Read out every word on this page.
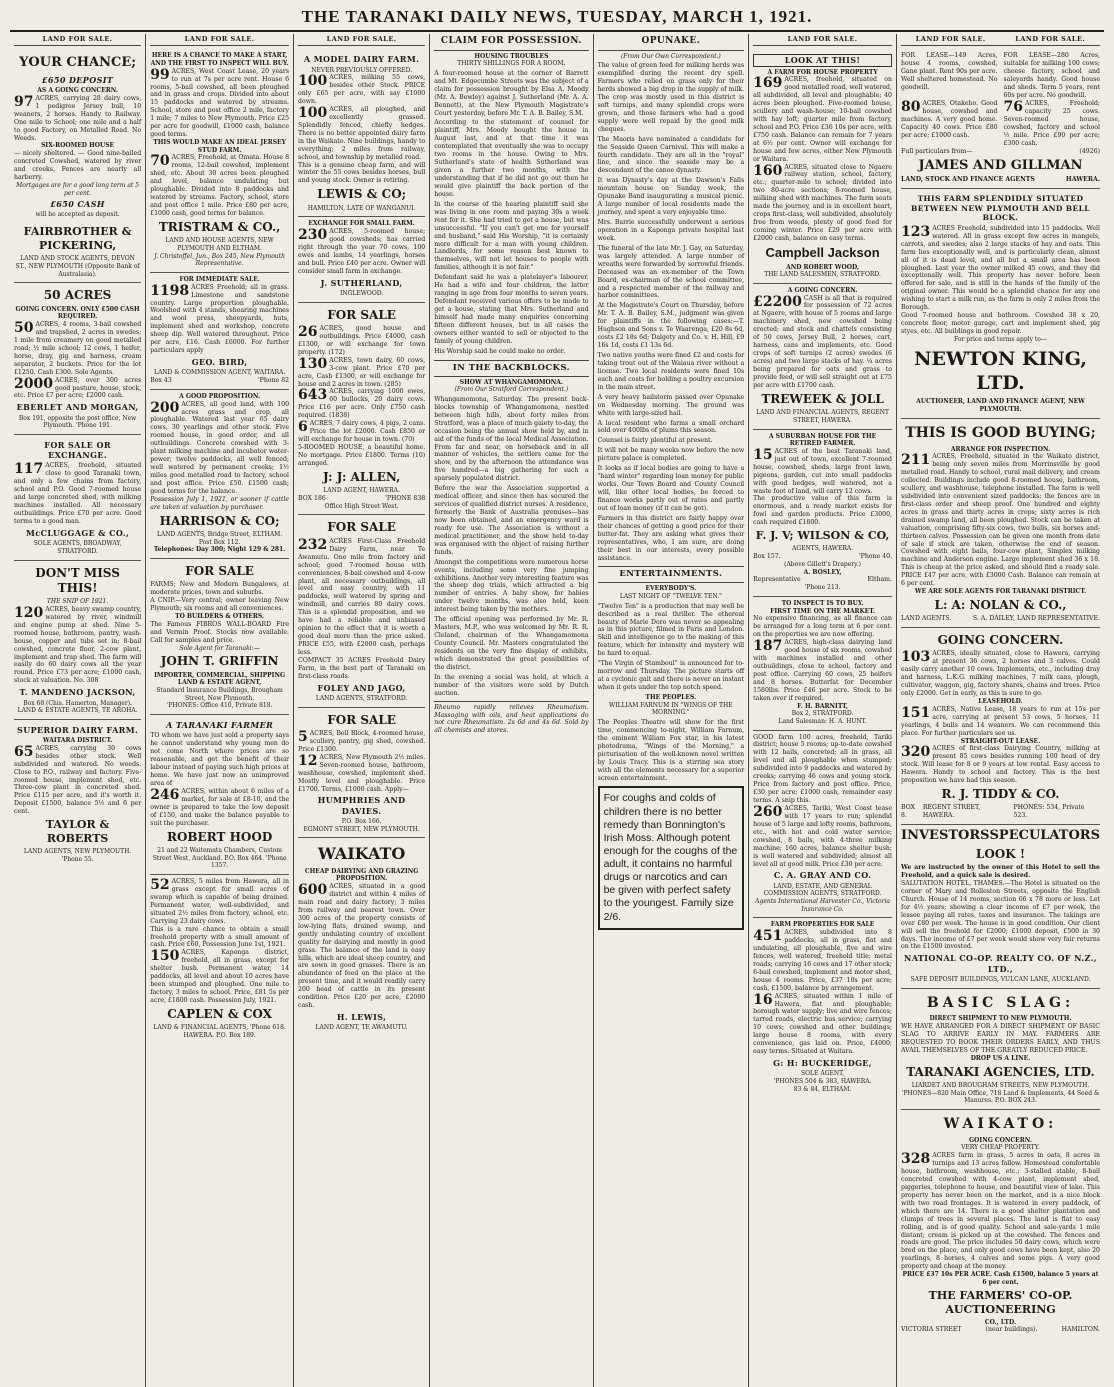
THE TARANAKI DAILY NEWS, TUESDAY, MARCH 1, 1921.
LAND FOR SALE.
YOUR CHANCE;
£650 DEPOSIT
AS A GOING CONCERN.
97 ACRES, carrying 28 dairy cows, 1 pedigree Jersey bull, 10 weaners, 2 horses. Handy to Railway. One mile to School; one mile and a half to good Factory, on Metalled Road. No Weeds.
SIX-ROOMED HOUSE
— nicely sheltered. — Good nine-bailed concreted Cowshed, watered by river and creeks. Fences are nearly all harberry.
Mortgages are for a good long term at 5 per cent.
£650 CASH
will be accepted as deposit.
FAIRBROTHER & PICKERING,
LAND AND STOCK AGENTS, DEVON ST., NEW PLYMOUTH (Opposite Bank of Australasia).
50 ACRES
GOING CONCERN. ONLY £500 CASH REQUIRED.
50 ACRES, 4 rooms, 3-bail cowshed and trapshed, 2 acres in swedes; 1 mile from creamery on good metalled road; ½ mile school; 12 cows, 1 heifer, horse, dray, gig and harness, cream separator, 2 buckets. Price for the lot £1250. Cash £300. Sole Agents.
2000 ACRES, over 300 acres good pasture, house, stock, etc. Price £7 per acre; £2000 cash.
EBERLET AND MORGAN,
Box 191, opposite the post office, New Plymouth. 'Phone 191.
FOR SALE OR EXCHANGE.
117 ACRES, freehold, situated close to good Taranaki town, and only a few chains from factory, school and P.O. Good 7-roomed house and large concreted shed, with milking machines installed. All necessary outbuildings. Price £70 per acre. Good terms to a good man.
McCLUGGAGE & CO.,
SOLE AGENTS, BROADWAY, STRATFORD.
DON'T MISS THIS!
THE SNIP OF 1921.
120 ACRES, heavy swamp country, watered by river, windmill and engine pump at shed. Nine 5-roomed house, bathroom, pantry, wash-house, copper and tubs set in; 8-bail cowshed, concrete floor, 2-cow plant, implement and trap shed. The farm will easily do 60 dairy cows all the year round. Price £73 per acre; £1000 cash, stock at valuation. No. 308
T. MANDENO JACKSON,
Box 68 (Chis. Hamerton, Manager). LAND & ESTATE AGENTS, TE AROHA.
SUPERIOR DAIRY FARM.
WAITARA DISTRICT.
65 ACRES, carrying 30 cows besides other stock. Well subdivided and watered. No weeds. Close to P.O., railway and factory. Five-roomed house, implement shed, etc. Three-cow plant in concreted shed. Price £115 per acre, and it's worth it. Deposit £1500, balance 5½ and 6 per cent.
TAYLOR & ROBERTS
LAND AGENTS, NEW PLYMOUTH. 'Phone 55.
LAND FOR SALE.
HERE IS A CHANCE TO MAKE A START, AND THE FIRST TO INSPECT WILL BUY.
99 ACRES, West Coast Lease, 20 years to run at 7s per acre rent. House 6 rooms, 5-bail cowshed, all been ploughed and in grass and crops. Divided into about 15 paddocks and watered by streams. School, store and post office 2 mile, factory 1 mile; 7 miles to New Plymouth. Price £25 per acre for goodwill, £1000 cash, balance good terms.
THIS WOULD MAKE AN IDEAL JERSEY STUD FARM.
70 ACRES, Freehold, at Omata. House 8 rooms, 12-bail cowshed, implement shed, etc. About 30 acres been ploughed and level, balance undulating but ploughable. Divided into 8 paddocks and watered by streams. Factory, school, store and post office 1 mile. Price £80 per acre, £1000 cash, good terms for balance.
TRISTRAM & CO.,
LAND AND HOUSE AGENTS, NEW PLYMOUTH AND ELTHAM.
J. Christoffel, Jun., Box 245, New Plymouth Representative.
FOR IMMEDIATE SALE.
1198 ACRES Freehold; all in grass. Limestone and sandstone country. Large proportion ploughable. Woolshed with 4 stands, shearing machines and wool press, sheepyards, huts, implement shed and workshop, concrete sheep dip. Well watered throughout. Price per acre, £16. Cash £6000. For further particulars apply
GEO. BIRD,
LAND & COMMISSION AGENT, WAITARA.
Box 43	'Phone 82
A GOOD PROPOSITION.
200 ACRES, all good land, with 100 acres grass and crop, all ploughable. Watered last year 65 dairy cows, 30 yearlings and other stock. Five roomed house, in good order, and all outbuildings. Concrete cowshed with 3-plant milking machine and incubator water-power; twelve paddocks, all well fenced; well watered by permanent creeks; 1½ miles good metalled road to factory, school and post office. Price £50. £1500 cash; good terms for the balance.
Possession July 1, 1921, or sooner if cattle are taken at valuation by purchaser.
HARRISON & CO;
LAND AGENTS, Bridge Street, ELTHAM. Post Box 112.
Telephones: Day 300; Night 129 & 281.
FOR SALE
FARMS; New and Modern Bungalows, at moderate prices, town and suburbs.
A CNIP.—Very central; owner leaving New Plymouth; six rooms and all conveniences.
TO BUILDERS & OTHERS.
The Famous FIBROS WALL-BOARD Fire and Vermin Proof. Stocks now available. Call for samples and price.
Sole Agent for Taranaki:—
JOHN T. GRIFFIN
IMPORTER, COMMERCIAL, SHIPPING LAND & ESTATE AGENT,
Standard Insurance Buildings, Brougham Street, New Plymouth.
'PHONES: Office 410, Private 818.
A TARANAKI FARMER
TO whom we have just sold a property says he cannot understand why young men do not come North where prices are so reasonable, and get the benefit of their labour instead of paying such high prices at home. We have just now an unimproved area of
246 ACRES, within about 6 miles of a market, for sale at £8-10, and the owner is prepared to take the low deposit of £150, and make the balance payable to suit the purchaser.
ROBERT HOOD
21 and 22 Waitemata Chambers, Custom Street West, Auckland. P.O. Box 464. 'Phone 1357.
52 ACRES, 5 miles from Hawera, all in grass except for small acres of swamp which is capable of being drained. Permanent water, well-subdivided, and situated 2½ miles from factory, school, etc. Carrying 23 dairy cows.
This is a rare chance to obtain a small freehold property with a small amount of cash. Price £60, Possession June 1st, 1921.
150 ACRES, Kaponga district, freehold, all in grass, except for shelter bush. Permanent water, 14 paddocks, all level and about 10 acres have been stumped and ploughed. One mile to factory, 3 miles to school. Price, £81 5s per acre, £1800 cash. Possession July, 1921.
CAPLEN & COX
LAND & FINANCIAL AGENTS, 'Phone 618. HAWERA. P.O. Box 189.
LAND FOR SALE.
A MODEL DAIRY FARM.
NEVER PREVIOUSLY OFFERED.
100 ACRES, milking 55 cows, besides other Stock. PRICE only £65 per acre, with say £1000 down.
100 ACRES, all ploughed, and excellently grassed. Splendidly fenced, chiefly hedges. There is no better appointed dairy farm in the Waikato. Nine buildings, handy to everything; 2 miles from railway, school, and township by metalled road.
This is a genuine cheap farm, and will winter the 55 cows besides horses, bull and young stock. Owner is retiring.
LEWIS & CO;
HAMILTON, LATE OF WANGANUI.
EXCHANGE FOR SMALL FARM.
230 ACRES, 5-roomed house; good cowsheds; has carried right through the year 70 cows, 100 ewes and lambs, 14 yearlings, horses and bull. Price £40 per acre. Owner will consider small farm in exchange.
J. SUTHERLAND,
INGLEWOOD.
FOR SALE
26 ACRES, good house and outbuildings. Price £4000, cash £1300, or will exchange for town property. (172)
130 ACRES, town dairy, 60 cows, 3-cow plant. Price £70 per acre, Cash £1300, or will exchange for house and 2 acres in town. (285)
643 ACRES, carrying 1000 ewes, 60 bullocks, 20 dairy cows. Price £16 per acre. Only £750 cash required. (1838)
6 ACRES, 7 dairy cows, 4 pigs, 2 cans. Price the lot £2000. Cash £850 or will exchange for house in town. (70)
5-ROOMED HOUSE, a beautiful home. No mortgage. Price £1800. Terms (10) arranged.
J: J: ALLEN,
LAND AGENT, HAWERA.
BOX 186	'PHONE 838
Office High Street West.
FOR SALE
232 ACRES First-Class Freehold Dairy Farm, near Te Awamutu. One mile from factory and school; good 7-roomed house with conveniences, 8-bail cowshed and 4-cow plant, all necessary outbuildings, all level and easy country, with 11 paddocks, well watered by spring and windmill, and carries 80 dairy cows. This is a splendid proposition, and we have had a reliable and unbiased opinion to the effect that it is worth a good deal more than the price asked. PRICE £55, with £2000 cash, perhaps less.
COMPACT 35 ACRES Freehold Dairy Farm, in the best part of Taranaki on first-class roads.
FOLEY AND JAGO,
LAND AGENTS, STRATFORD.
FOR SALE
5 ACRES, Bell Block, 4-roomed house, scullery, pantry, gig shed, cowshed. Price £1300.
12 ACRES, New Plymouth 2½ miles. Seven-roomed house, bathroom, washhouse, cowshed, implement shed. Mostly level and ploughable. Price £1700. Terms, £1000 cash. Apply—
HUMPHRIES AND DAVIES.
P.O. Box 166.
EGMONT STREET, NEW PLYMOUTH.
WAIKATO
CHEAP DAIRYING AND GRAZING PROPOSITION.
600 ACRES, situated in a good district and within 4 miles of main road and dairy factory; 3 miles from railway and nearest town. Over 300 acres of the property consists of low-lying flats, drained swamp, and gently undulating country of excellent quality for dairying and mostly in good grass. The balance of the land is easy hills, which are ideal sheep country, and are sown in good grasses. There is an abundance of feed on the place at the present time, and it would readily carry 200 head of cattle in its present condition. Price £20 per acre, £2000 cash.
H. LEWIS,
LAND AGENT, TE AWAMUTU.
CLAIM FOR POSSESSION.
HOUSING TROUBLES
THIRTY SHILLINGS FOR A ROOM.

A four-roomed house at the corner of Barrett and Mt. Edgecumbe Streets was the subject of a claim for possession brought by Elsa A. Moody (Mr. A. Bewley) against J. Sutherland (Mr. A. A. Bennett), at the New Plymouth Magistrate's Court yesterday, before Mr. T. A. B. Bailey, S.M.

According to the statement of counsel for plaintiff, Mrs. Moody bought the house in August last, and at that time it was contemplated that eventually she was to occupy two rooms in the house. Owing to Mrs. Sutherland's state of health Sutherland was given a further two months, with the understanding that if he did not go out then he would give plaintiff the back portion of the house.

In the course of the hearing plaintiff said she was living in one room and paying 30s a week rent for it. She had tried to get a house, but was unsuccessful. "If you can't get one for yourself and husband," said His Worship, "it is certainly more difficult for a man with young children. Landlords, for some reason best known to themselves, will not let houses to people with families, although it is not fair."

Defendant said he was a platelayer's labourer. He had a wife and four children, the latter ranging in age from four months to seven years. Defendant received various offers to be made to get a house, stating that Mrs. Sutherland and himself had made many enquiries concerning fifteen different houses, but in all cases the owners either wanted to sell or objected to the family of young children.

His Worship said he could make no order.

IN THE BACKBLOCKS.
SHOW AT WHANGAMOMONA.
(From Our Stratford Correspondent.)

Whangamomona, Saturday. The present back-blocks township of Whangamomona, nestled between high hills, about forty miles from Stratford, was a place of much gaiety to-day, the occasion being the annual show held by, and in aid of the funds of the local Medical Association. From far and near, on horseback and in all manner of vehicles, the settlers came for the show, and by the afternoon the attendance was five hundred—a big gathering for such a sparsely populated district.

Before the war the Association supported a medical officer, and since then has secured the services of qualified district nurses. A residence, formerly the Bank of Australia premises—has now been obtained, and an emergency ward is ready for use. The Association is without a medical practitioner, and the show held to-day was organised with the object of raising further funds.

Amongst the competitions were numerous horse events, including some very fine jumping exhibitions. Another very interesting feature was the sheep dog trials, which attracted a big number of entries. A baby show, for babies under twelve months, was also held, keen interest being taken by the mothers.

The official opening was performed by Mr. R. Masters, M.P., who was welcomed by Mr. R. R. Cleland, chairman of the Whangamomona County Council. Mr. Masters congratulated the residents on the very fine display of exhibits, which demonstrated the great possibilities of the district.

In the evening a social was held, at which a number of the visitors were sold by Dutch auction.

Rheumo rapidly relieves Rheumatism. Massaging with oils, and heat applications do not cure Rheumatism. 2s 6d and 4s 6d. Sold by all chemists and stores.
OPUNAKE.
(From Our Own Correspondent.)

The value of green feed for milking herds was exemplified during the recent dry spell. Farmers who relied on grass only for their herds showed a big drop in the supply of milk. The crop was mostly used in this district is soft turnips, and many splendid crops were grown, and those farmers who had a good supply were well repaid by the good milk cheques.

The Maoris have nominated a candidate for the Seaside Queen Carnival. This will make a fourth candidate. They are all in the "royal" line, and since the seaside may be a descendant of the canoe dynasty.

It was Dynasty's day at the Dawson's Falls mountain house on Sunday week, the Opunake Band inaugurating a musical picnic. A large number of local residents made the journey, and spent a very enjoyable time.

Mrs. Barrie successfully underwent a serious operation in a Kaponga private hospital last week.

The funeral of the late Mr. J. Gay, on Saturday, was largely attended. A large number of wreaths were forwarded by sorrowful friends. Deceased was an ex-member of the Town Board, ex-chairman of the school committee, and a respected member of the railway and harbor committees.

At the Magistrate's Court on Thursday, before Mr. T. A. B. Bailey, S.M., judgment was given for plaintiffs in the following cases:—T. Hughson and Sons v. Te Waarenga, £20 8s 6d, costs £2 18s 6d; Dalgety and Co. v. H. Hill, £9 16s 1d, costs £1 13s 6d.

Two native youths were fined £2 and costs for taking trout out of the Waiaua river without a license. Two local residents were fined 10s each and costs for holding a poultry excursion in the main street.

A very heavy hailstorm passed over Opunake on Wednesday morning. The ground was white with large-sized hail.

A local resident who farms a small orchard sold over 400lbs of plums this season.

Counsel is fairly plentiful at present.

It will not be many weeks now before the new picture palace is completed.

It looks as if local bodies are going to have a "hard winter" regarding loan money for public works. Our Town Board and County Council will, like other local bodies, be forced to finance works partly out of rates and partly out of loan money (if it can be got).

Farmers in this district are fairly happy over their chances of getting a good price for their butter-fat. They are asking what gives their representatives, who, I am sure, are doing their best in our interests, every possible assistance.

ENTERTAINMENTS.
EVERYBODY'S.
LAST NIGHT OF "TWELVE TEN."

"Twelve Ten" is a production that may well be described as a real thriller. The ethereal beauty of Marie Doro was never so appealing as in this picture, filmed in Paris and London. Skill and intelligence go to the making of this feature, which for intensity and mystery will be hard to equal.

"The Virgin of Stamboul" is announced for to-morrow and Thursday. The picture starts off at a cyclonic gait and there is never an instant when it gets under the top notch speed.

THE PEOPLES.
WILLIAM FARNUM IN "WINGS OF THE MORNING."

The Peoples Theatre will show for the first time, commencing to-night, William Farnum, the eminent William Fox star, in his latest photodrama, "Wings of the Morning," a picturisation of the well-known novel written by Louis Tracy. This is a stirring sea story with all the elements necessary for a superior screen entertainment.

For coughs and colds of children there is no better remedy than Bonnington's Irish Moss. Although potent enough for the coughs of the adult, it contains no harmful drugs or narcotics and can be given with perfect safety to the youngest. Family size 2/6.
LAND FOR SALE.
LOOK AT THIS!
A FARM FOR HOUSE PROPERTY
169 ACRES, freehold, situated on good metalled road, well watered, all subdivided, all level and ploughable; 40 acres been ploughed. Five-roomed house, scullery and wash-house; 10-bail cowshed with hay loft; quarter mile from factory, school and P.O. Price £36 10s per acre, with £750 cash. Balance can remain for 7 years at 6½ per cent. Owner will exchange for house and few acres, either New Plymouth or Waitara.
160 ACRES, situated close to Ngaere railway station, school, factory, etc.; quarter-mile to school; divided into two 80-acre sections; 8-roomed house, milking shed with machines. The farm seats made the journey, and is in excellent heart, crops first-class, well subdivided, absolutely free from weeds, plenty of good feed for coming winter. Price £29 per acre with £2000 cash, balance on easy terms.
Campbell Jackson
AND ROBERT WOOD,
THE LAND SALESMEN, STRATFORD.
A GOING CONCERN.
£2200 CASH is all that is required for possession of 72 acres at Ngaere, with house of 5 rooms and large machinery shed, new cowshed being erected; and stock and chattels consisting of 50 cows, Jersey Bull, 2 horses, cart, harness, cans and implements, etc. Good crops of soft turnips (2 acres) swedes (6 acres) and two large stacks of hay. ¼ acres being prepared for oats and grass to provide feed, or will sell straight out at £75 per acre with £1700 cash.
TREWEEK & JOLL
LAND AND FINANCIAL AGENTS, REGENT STREET, HAWERA.
A SUBURBAN HOUSE FOR THE RETIRED FARMER.
15 ACRES of the best Taranaki land, just out of town, excellent 7-roomed house, cowshed, sheds, large front lawn, pigeons, garden, cut into small paddocks with good hedges, well watered, not a waste foot of land, will carry 12 cows.
The productive value of this farm is enormous, and a ready market exists for fowl and garden products. Price £3000, cash required £1800.
F. J. V; WILSON & CO,
AGENTS, HAWERA.
Box 157.	'Phone 40.
(Above Gillett's Drapery.)
A. BOSLEY,
Representative	Eltham.
'Phone 213.
TO INSPECT IS TO BUY.
FIRST TIME ON THE MARKET.
No expensive financing, as all finance can be arranged for a long term at 6 per cent. on the properties we are now offering.
187 ACRES, high-class dairying land good house of six rooms, cowshed with machines installed and other outbuildings, close to school, factory and post office. Carrying 60 cows, 25 heifers and 8 horses. Butterfat for December 1580lbs. Price £46 per acre. Stock to be taken over if required.
F. H. BARNITT,
Box 2, STRATFORD.
Land Salesman: H. A. HUNT.
GOOD farm 100 acres, freehold, Tariki district; house 5 rooms; up-to-date cowshed with 12 bails, concreted; all in grass, all level and all ploughable when stumped; subdivided into 9 paddocks and watered by creeks; carrying 46 cows and young stock. Price from factory and post office. Price, £30 per acre; £1000 cash, remainder easy terms. A snip this.
260 ACRES, Tariki, West Coast lease with 17 years to run; splendid house of 5 large and lofty rooms, bathroom, etc., with hot and cold water service; cowshed, 8 bails, with 4-three milking machine; 160 acres, balance shelter bush; is well watered and subdivided; almost all level all at good milk. Price £30 per acre.
C. A. GRAY AND CO.
LAND, ESTATE, AND GENERAL COMMISSION AGENTS, STRATFORD.
Agents International Harvester Co., Victoria Insurance Co.
FARM PROPERTIES FOR SALE
451 ACRES, subdivided into 8 paddocks, all in grass, flat and undulating, all ploughable, five and wire fences, well watered, freehold title; metal roads; carrying 16 cows and 17 other stock; 6-bail cowshed, implement and motor shed, house 4 rooms. Price, £37 10s per acre; cash, £1500, balance by arrangement.
16 ACRES, situated within 1 mile of Hawera, flat and ploughable; borough water supply; live and wire fences; tarred roads, electric bus service; carrying 10 cows; cowshed and other buildings; large house 8 rooms, with every convenience, gas laid on. Price, £4000; easy terms. Situated at Waitara.
G: H: BUCKERIDGE,
SOLE AGENT,
'PHONES 504 & 383, HAWERA.
83 & 84, ELTHAM.
LAND FOR SALE.	LAND FOR SALE.
FOR LEASE—149 Acres, house 4 rooms, cowshed, Gane plant. Rent 90s per acre. Well sheltered homestead. No goodwill.
FOR LEASE—280 Acres, suitable for milking 100 cows; cheese factory, school and saleyards handy. Good house and sheds. Term 5 years, rent 60s per acre. No goodwill.
80 ACRES, Otakeho. Good house, cowshed and machines. A very good home. Capacity 40 cows. Price £80 per acre; £1000 cash.
76 ACRES, Freehold; capacity 25 cows. Seven-roomed house, cowshed, factory and school ½ mile. Price £90 per acre; £300 cash.
Full particulars from—	(4926)
JAMES AND GILLMAN
LAND, STOCK AND FINANCE AGENTS	HAWERA.
THIS FARM SPLENDIDLY SITUATED BETWEEN NEW PLYMOUTH AND BELL BLOCK.
123 ACRES Freehold, subdivided into 15 paddocks. Well watered. All in grass except few acres in mangels, carrots, and swedes; also 2 large stacks of hay and oats. This farm lies exceptionally well, and is particularly clean, almost all of it is dead level, and all but a small area has been ploughed. Last year the owner milked 45 cows, and they did exceptionally well. This property has never before been offered for sale, and is still in the hands of the family of the original owner. This would be a splendid chance for any one wishing to start a milk run, as the farm is only 2 miles from the Borough.
Good 7-roomed house and bathroom. Cowshed 38 x 20, concrete floor, motor garage, cart and implement shed, pig styes, etc. All buildings in good repair.
For price and terms apply to—
NEWTON KING, LTD.
AUCTIONEER, LAND AND FINANCE AGENT, NEW PLYMOUTH.
THIS IS GOOD BUYING;
ARRANGE FOR INSPECTION.
211 ACRES, Freehold, situated in the Waikato district, being only seven miles from Morrinsville by good metalled road. Handy to school, rural mail delivery, and cream collected. Buildings include good 8-roomed house, bathroom, scullery, and washhouse, telephone installed. The farm is well subdivided into convenient sized paddocks; the fences are in first-class order and sheep proof. One hundred and eighty acres in grass and thirty acres in crops; sixty acres is rich drained swamp land, all been ploughed. Stock can be taken at valuation, comprising fifty-six cows, two bulls, six horses and-thirteen calves. Possession can be given one month from date of sale if stock are taken, otherwise the end of season. Cowshed with eight bails, four-cow plant, Simplex milking machine and Anderson engine. Large implement shed 36 x 18. This is cheap at the price asked, and should find a ready sale. PRICE £47 per acre, with £3000 Cash. Balance can remain at 6 per cent.
WE ARE SOLE AGENTS FOR TARANAKI DISTRICT.
L: A: NOLAN & CO.,
LAND AGENTS.	S. A. DAILEY, LAND REPRESENTATIVE.
GOING CONCERN.
103 ACRES, ideally situated, close to Hawera, carrying at present 36 cows, 2 horses and 3 calves. Could easily carry another 10 cows. Implements, etc., including dray and harness, L.K.G. milking machines, 7 milk cans, plough, cultivator, waggon, gig, factory shares, chains and trees. Price only £2000. Get in early, as this is sure to go.
LEASEHOLD.
151 ACRES, Native Lease, 18 years to run at 15s per acre, carrying at present 53 cows, 5 horses, 11 yearlings, 4 bulls and 14 weaners. We can recommend this place. For further particulars see us.
STRAIGHT-OUT LEASE.
320 ACRES of first-class Dairying Country, milking at present 85 cows besides running 100 head of dry stock. Will lease for 8 or 9 years at low rental. Easy access to Hawera. Handy to school and factory. This is the best proposition we have had this season.
R. J. TIDDY & CO.
BOX 8.
REGENT STREET, HAWERA.
PHONES: 534, Private 523.
INVESTORS SPECULATORS
LOOK !
We are instructed by the owner of this Hotel to sell the Freehold, and a quick sale is desired.
SALUTATION HOTEL, THAMES.—The Hotel is situated on the corner of Mary and Rolleston Streets, opposite the English Church. House of 14 rooms, section 66 x 78 more or less. Let for 4½ years; showing a clear income of £7 per week, the lessee paying all rates, taxes and insurance. The takings are over £80 per week. The house is in good condition. Our client will sell the freehold for £2000; £1000 deposit, £500 in 30 days. The income of £7 per week would show very fair returns on the £1500 invested.
NATIONAL CO-OP. REALTY CO. OF N.Z., LTD.,
SAFE DEPOSIT BUILDINGS, VULCAN LANE, AUCKLAND.
BASIC SLAG:
DIRECT SHIPMENT TO NEW PLYMOUTH.
WE HAVE ARRANGED FOR A DIRECT SHIPMENT OF BASIC SLAG TO ARRIVE EARLY IN MAY. FARMERS ARE REQUESTED TO BOOK THEIR ORDERS EARLY, AND THUS AVAIL THEMSELVES OF THE GREATLY REDUCED PRICE.
DROP US A LINE.
TARANAKI AGENCIES, LTD.
LIARDET AND BROUGHAM STREETS, NEW PLYMOUTH.
'PHONES—820 Main Office, 718 Land & Implements, 44 Seed & Manures. P.O. BOX 243.
WAIKATO:
GOING CONCERN.
VERY CHEAP PROPERTY.
328 ACRES farm in grass, 5 acres in oats, 8 acres in turnips and 13 acres fallow. Homestead comfortable house, bathroom, washhouse, etc.; 3-stalled stable, 8-bail concreted cowshed with 4-cow plant, implement shed, piggeries, telephone to house, and beautiful view of lake. This property has never been on the market, and is a nice block with two road frontages. It is watered in every paddock, of which there are 14. There is a good shelter plantation and clumps of trees in several places. The land is flat to easy rolling, and is of good quality. School and sale-yards 1 mile distant; cream is picked up at the cowshed. The fences and roads are good. The price includes 50 dairy cows, which were bred on the place, and only good cows have been kept, also 20 yearlings, 8 horses, 4 calves and some pigs. A very good property and cheap at the money.
PRICE £37 10s PER ACRE. Cash £1500, balance 5 years at 6 per cent.
THE FARMERS' CO-OP. AUCTIONEERING
CO., LTD.
VICTORIA STREET	(near buildings).	HAMILTON.
